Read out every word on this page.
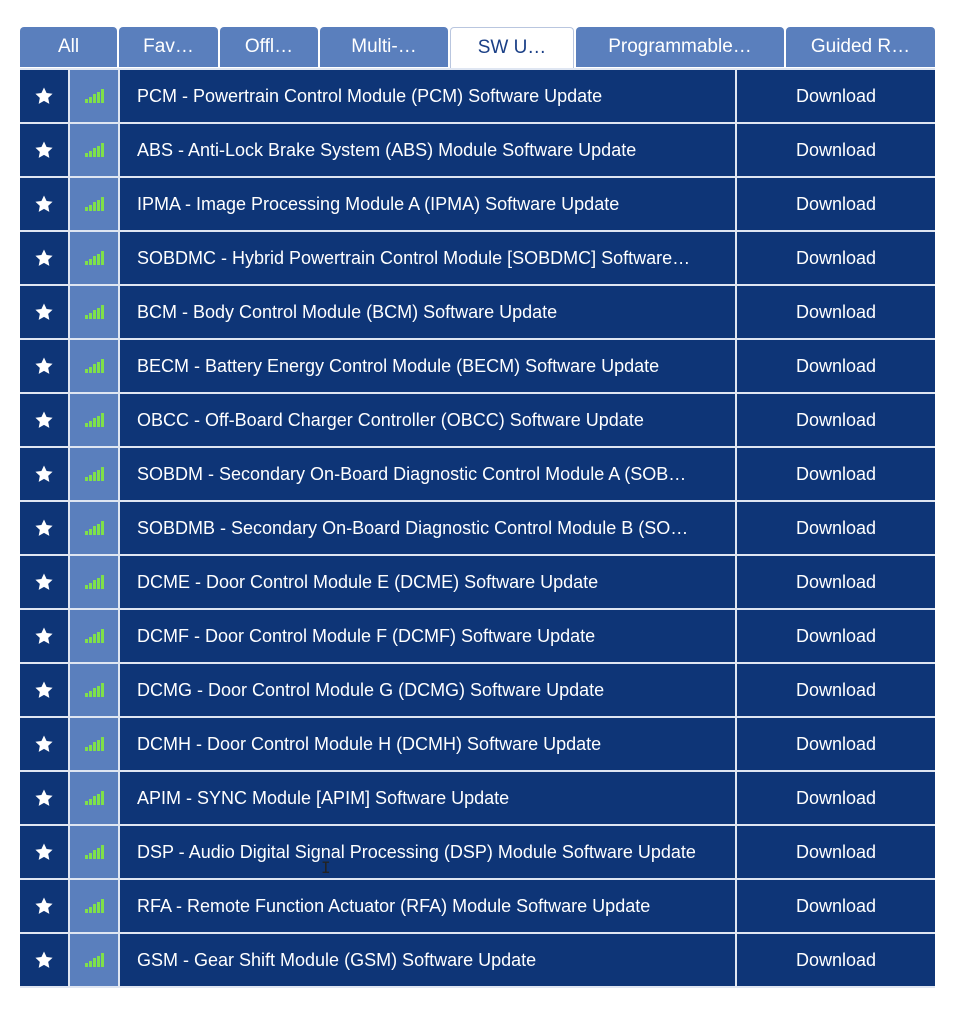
All	Fav…	Offl…	Multi-…	SW U…	Programmable…	Guided R…
PCM - Powertrain Control Module (PCM) Software Update	Download
ABS - Anti-Lock Brake System (ABS) Module Software Update	Download
IPMA - Image Processing Module A (IPMA) Software Update	Download
SOBDMC - Hybrid Powertrain Control Module [SOBDMC] Software…	Download
BCM - Body Control Module (BCM) Software Update	Download
BECM - Battery Energy Control Module (BECM) Software Update	Download
OBCC - Off-Board Charger Controller (OBCC) Software Update	Download
SOBDM - Secondary On-Board Diagnostic Control Module A (SOB…	Download
SOBDMB - Secondary On-Board Diagnostic Control Module B (SO…	Download
DCME - Door Control Module E (DCME) Software Update	Download
DCMF - Door Control Module F (DCMF) Software Update	Download
DCMG - Door Control Module G (DCMG) Software Update	Download
DCMH - Door Control Module H (DCMH) Software Update	Download
APIM - SYNC Module [APIM] Software Update	Download
DSP - Audio Digital Signal Processing (DSP) Module Software Update	Download
RFA - Remote Function Actuator (RFA) Module Software Update	Download
GSM - Gear Shift Module (GSM) Software Update	Download
I
